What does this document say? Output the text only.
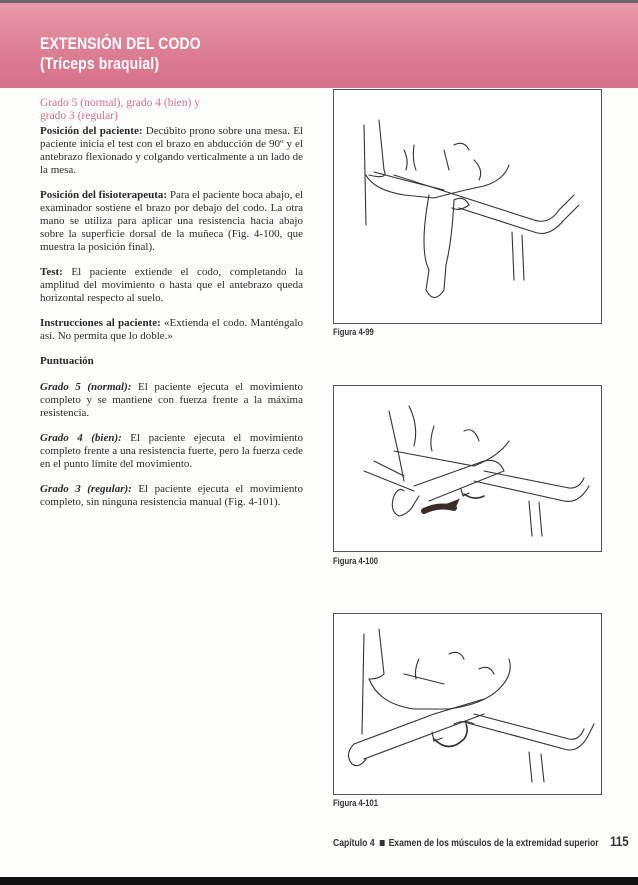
EXTENSIÓN DEL CODO
(Tríceps braquial)
Grado 5 (normal), grado 4 (bien) y
grado 3 (regular)

Posición del paciente: Decúbito prono sobre una mesa. El paciente inicia el test con el brazo en abducción de 90º y el antebrazo flexionado y colgando verticalmente a un lado de la mesa.

Posición del fisioterapeuta: Para el paciente boca abajo, el examinador sostiene el brazo por debajo del codo. La otra mano se utiliza para aplicar una resistencia hacia abajo sobre la superficie dorsal de la muñeca (Fig. 4-100, que muestra la posición final).

Test: El paciente extiende el codo, completando la amplitud del movimiento o hasta que el antebrazo queda horizontal respecto al suelo.

Instrucciones al paciente: «Extienda el codo. Manténgalo así. No permita que lo doble.»

Puntuación

Grado 5 (normal): El paciente ejecuta el movimiento completo y se mantiene con fuerza frente a la máxima resistencia.

Grado 4 (bien): El paciente ejecuta el movimiento completo frente a una resistencia fuerte, pero la fuerza cede en el punto límite del movimiento.

Grado 3 (regular): El paciente ejecuta el movimiento completo, sin ninguna resistencia manual (Fig. 4-101).

Figura 4-99
Figura 4-100
Figura 4-101
Capítulo 4 Examen de los músculos de la extremidad superior 115
